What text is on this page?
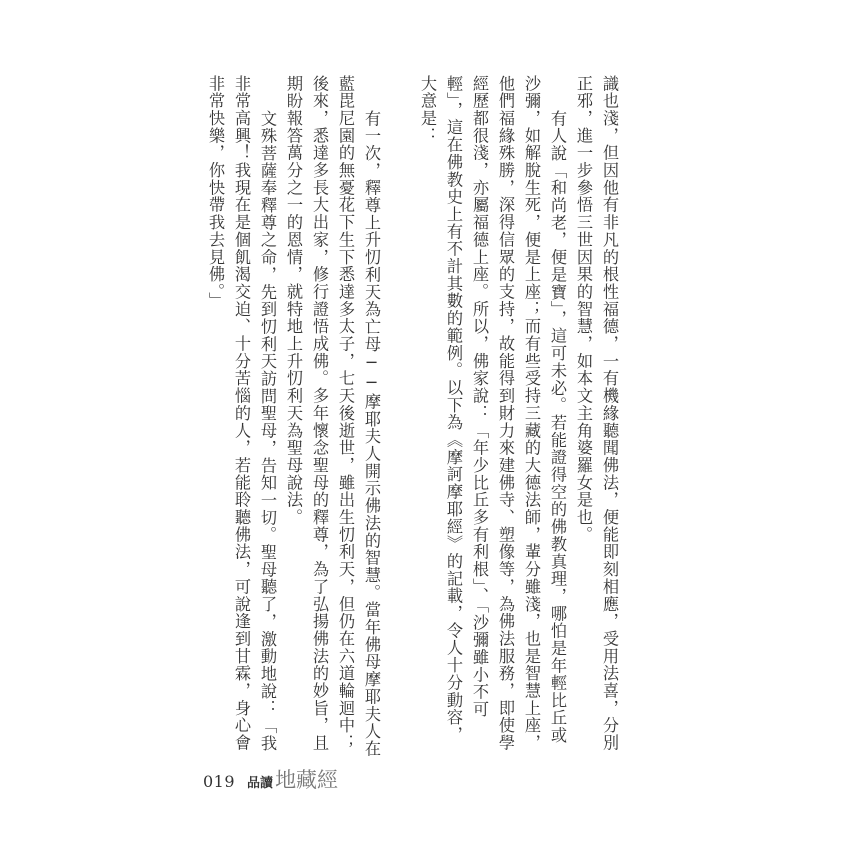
識也淺，但因他有非凡的根性福德，一有機緣聽聞佛法，便能即刻相應，受用法喜，分別
正邪，進一步參悟三世因果的智慧，如本文主角婆羅女是也。
有人說「和尚老，便是寶」，這可未必。若能證得空的佛教真理，哪怕是年輕比丘或
沙彌，如解脫生死，便是上座；而有些受持三藏的大德法師，輩分雖淺，也是智慧上座，
他們福緣殊勝，深得信眾的支持，故能得到財力來建佛寺、塑像等，為佛法服務，即使學
經歷都很淺，亦屬福德上座。所以，佛家說：「年少比丘多有利根」、「沙彌雖小不可
輕」，這在佛教史上有不計其數的範例。以下為《摩訶摩耶經》的記載，令人十分動容，
大意是：
有一次，釋尊上升忉利天為亡母──摩耶夫人開示佛法的智慧。當年佛母摩耶夫人在
藍毘尼園的無憂花下生下悉達多太子，七天後逝世，雖出生忉利天，但仍在六道輪迴中；
後來，悉達多長大出家，修行證悟成佛。多年懷念聖母的釋尊，為了弘揚佛法的妙旨，且
期盼報答萬分之一的恩情，就特地上升忉利天為聖母說法。
文殊菩薩奉釋尊之命，先到忉利天訪問聖母，告知一切。聖母聽了，激動地說：「我
非常高興！我現在是個飢渴交迫、十分苦惱的人，若能聆聽佛法，可說逢到甘霖，身心會
非常快樂，你快帶我去見佛。」
019 品讀 地藏經
